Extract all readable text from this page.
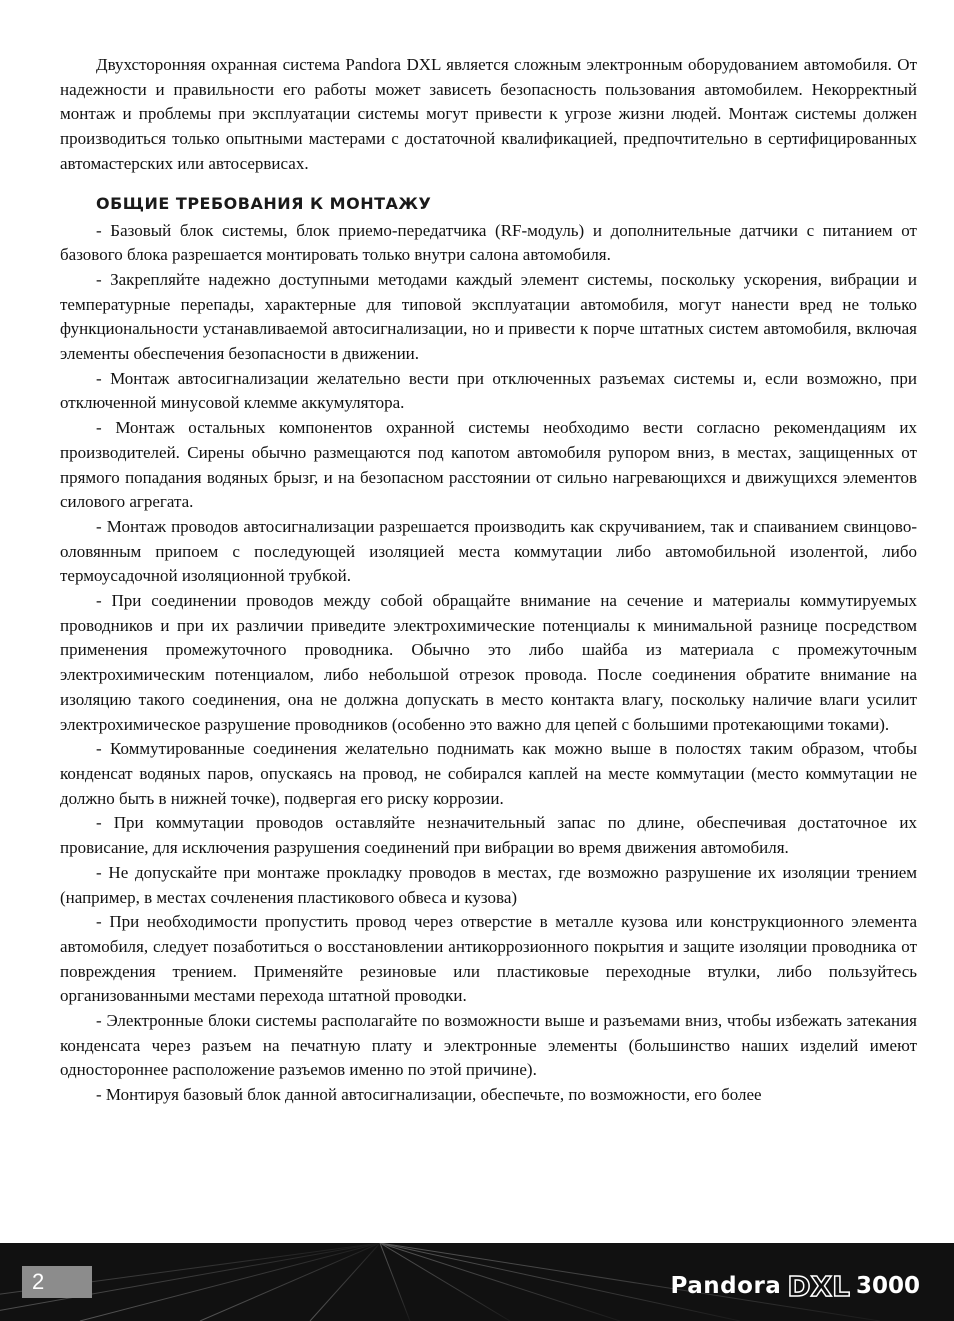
Двухсторонняя охранная система Pandora DXL является сложным электронным оборудованием автомобиля. От надежности и правильности его работы может зависеть безопасность пользования автомобилем. Некорректный монтаж и проблемы при эксплуатации системы могут привести к угрозе жизни людей. Монтаж системы должен производиться только опытными мастерами с достаточной квалификацией, предпочтительно в сертифицированных автомастерских или автосервисах.

ОБЩИЕ ТРЕБОВАНИЯ К МОНТАЖУ

- Базовый блок системы, блок приемо-передатчика (RF-модуль) и дополнительные датчики с питанием от базового блока разрешается монтировать только внутри салона автомобиля.

- Закрепляйте надежно доступными методами каждый элемент системы, поскольку ускорения, вибрации и температурные перепады, характерные для типовой эксплуатации автомобиля, могут нанести вред не только функциональности устанавливаемой автосигнализации, но и привести к порче штатных систем автомобиля, включая элементы обеспечения безопасности в движении.

- Монтаж автосигнализации желательно вести при отключенных разъемах системы и, если возможно, при отключенной минусовой клемме аккумулятора.

- Монтаж остальных компонентов охранной системы необходимо вести согласно рекомендациям их производителей. Сирены обычно размещаются под капотом автомобиля рупором вниз, в местах, защищенных от прямого попадания водяных брызг, и на безопасном расстоянии от сильно нагревающихся и движущихся элементов силового агрегата.

- Монтаж проводов автосигнализации разрешается производить как скручиванием, так и спаиванием свинцово-оловянным припоем с последующей изоляцией места коммутации либо автомобильной изолентой, либо термоусадочной изоляционной трубкой.

- При соединении проводов между собой обращайте внимание на сечение и материалы коммутируемых проводников и при их различии приведите электрохимические потенциалы к минимальной разнице посредством применения промежуточного проводника. Обычно это либо шайба из материала с промежуточным электрохимическим потенциалом, либо небольшой отрезок провода. После соединения обратите внимание на изоляцию такого соединения, она не должна допускать в место контакта влагу, поскольку наличие влаги усилит электрохимическое разрушение проводников (особенно это важно для цепей с большими протекающими токами).

- Коммутированные соединения желательно поднимать как можно выше в полостях таким образом, чтобы конденсат водяных паров, опускаясь на провод, не собирался каплей на месте коммутации (место коммутации не должно быть в нижней точке), подвергая его риску коррозии.

- При коммутации проводов оставляйте незначительный запас по длине, обеспечивая достаточное их провисание, для исключения разрушения соединений при вибрации во время движения автомобиля.

- Не допускайте при монтаже прокладку проводов в местах, где возможно разрушение их изоляции трением (например, в местах сочленения пластикового обвеса и кузова)

- При необходимости пропустить провод через отверстие в металле кузова или конструкционного элемента автомобиля, следует позаботиться о восстановлении антикоррозионного покрытия и защите изоляции проводника от повреждения трением. Применяйте резиновые или пластиковые переходные втулки, либо пользуйтесь организованными местами перехода штатной проводки.

- Электронные блоки системы располагайте по возможности выше и разъемами вниз, чтобы избежать затекания конденсата через разъем на печатную плату и электронные элементы (большинство наших изделий имеют одностороннее расположение разъемов именно по этой причине).

- Монтируя базовый блок данной автосигнализации, обеспечьте, по возможности, его более

2	Pandora DXL 3000
